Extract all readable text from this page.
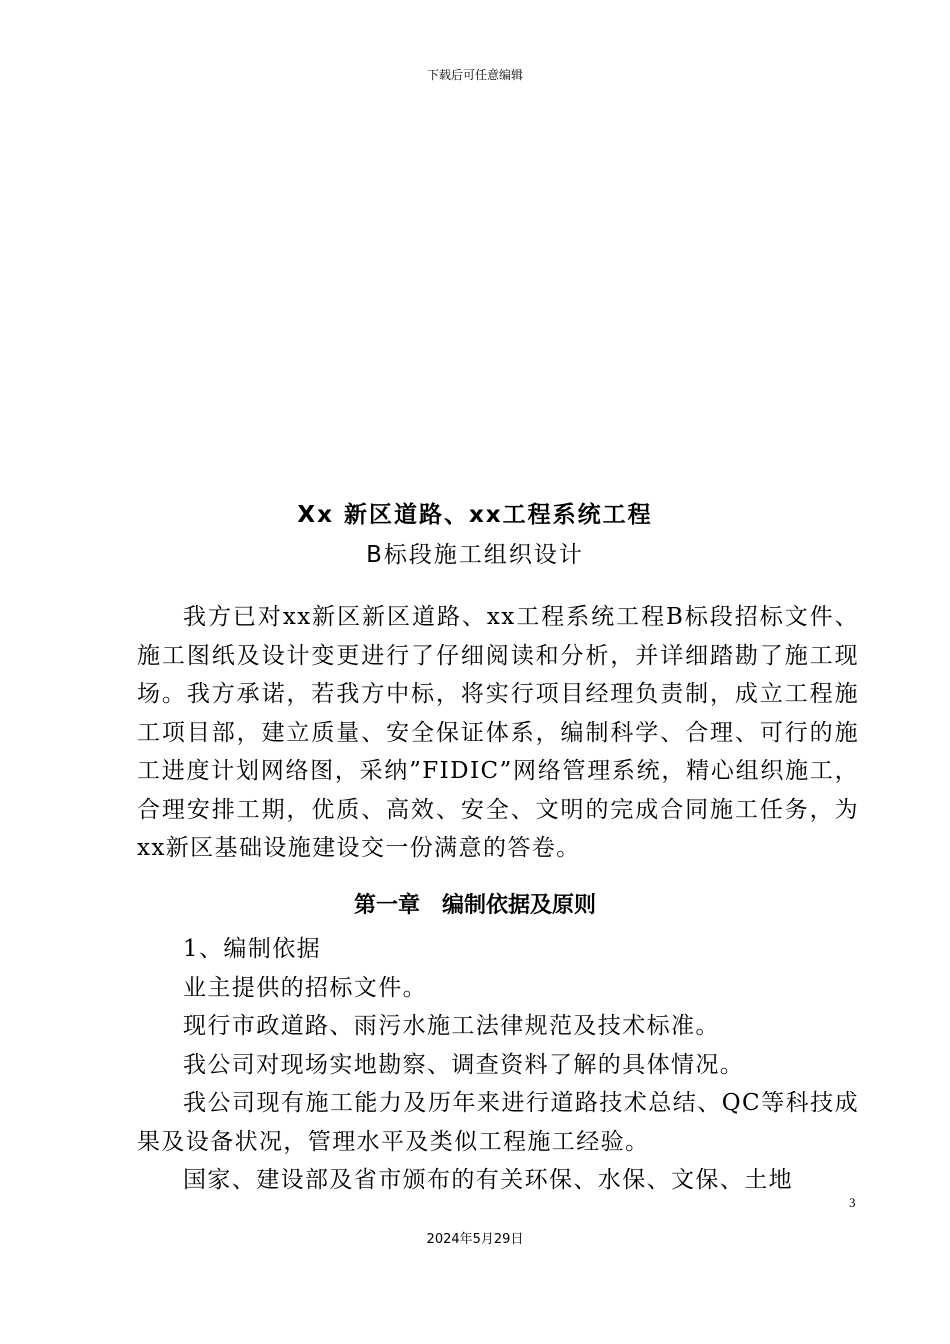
下载后可任意编辑
Xx 新区道路、xx工程系统工程
B标段施工组织设计

我方已对xx新区新区道路、xx工程系统工程B标段招标文件、施工图纸及设计变更进行了仔细阅读和分析，并详细踏勘了施工现场。我方承诺，若我方中标，将实行项目经理负责制，成立工程施工项目部，建立质量、安全保证体系，编制科学、合理、可行的施工进度计划网络图，采纳”FIDIC”网络管理系统，精心组织施工，合理安排工期，优质、高效、安全、文明的完成合同施工任务，为xx新区基础设施建设交一份满意的答卷。

第一章　编制依据及原则

1、编制依据

业主提供的招标文件。

现行市政道路、雨污水施工法律规范及技术标准。

我公司对现场实地勘察、调查资料了解的具体情况。

我公司现有施工能力及历年来进行道路技术总结、QC等科技成果及设备状况，管理水平及类似工程施工经验。

国家、建设部及省市颁布的有关环保、水保、文保、土地

3
2024年5月29日
